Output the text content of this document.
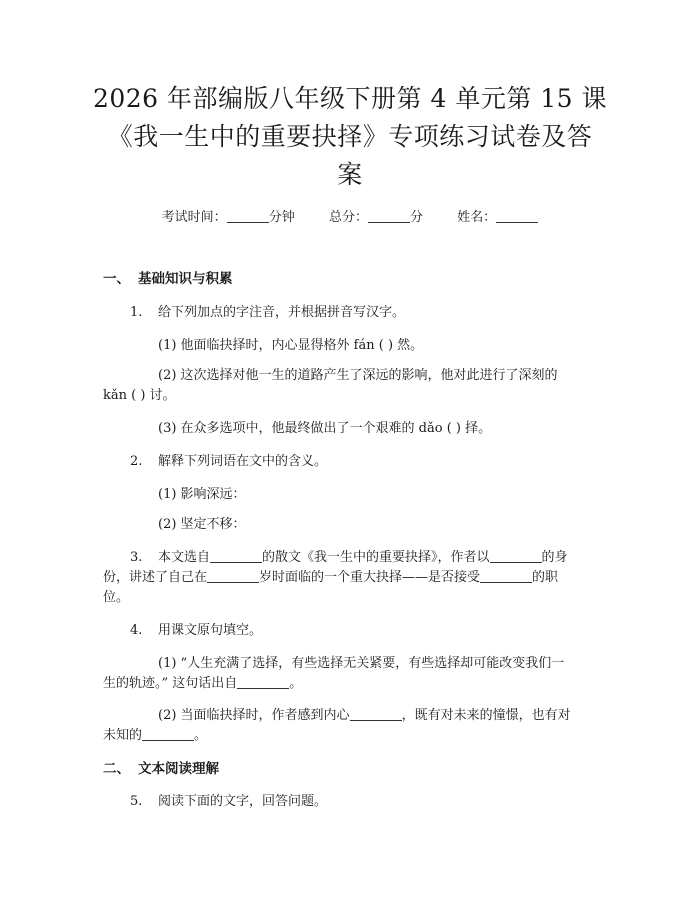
2026 年部编版八年级下册第 4 单元第 15 课
《我一生中的重要抉择》专项练习试卷及答
案
考试时间：	分钟	总分：	分	姓名：
一、 基础知识与积累
1. 给下列加点的字注音，并根据拼音写汉字。
(1) 他面临抉择时，内心显得格外 fán ( ) 然。
(2) 这次选择对他一生的道路产生了深远的影响，他对此进行了深刻的
kǎn ( ) 讨。
(3) 在众多选项中，他最终做出了一个艰难的 dǎo ( ) 择。
2. 解释下列词语在文中的含义。
(1) 影响深远：
(2) 坚定不移：
3. 本文选自	的散文《我一生中的重要抉择》，作者以	的身
份，讲述了自己在	岁时面临的一个重大抉择——是否接受	的职
位。
4. 用课文原句填空。
(1) “人生充满了选择，有些选择无关紧要，有些选择却可能改变我们一
生的轨迹。” 这句话出自	。
(2) 当面临抉择时，作者感到内心	，既有对未来的憧憬，也有对
未知的	。
二、 文本阅读理解
5. 阅读下面的文字，回答问题。
